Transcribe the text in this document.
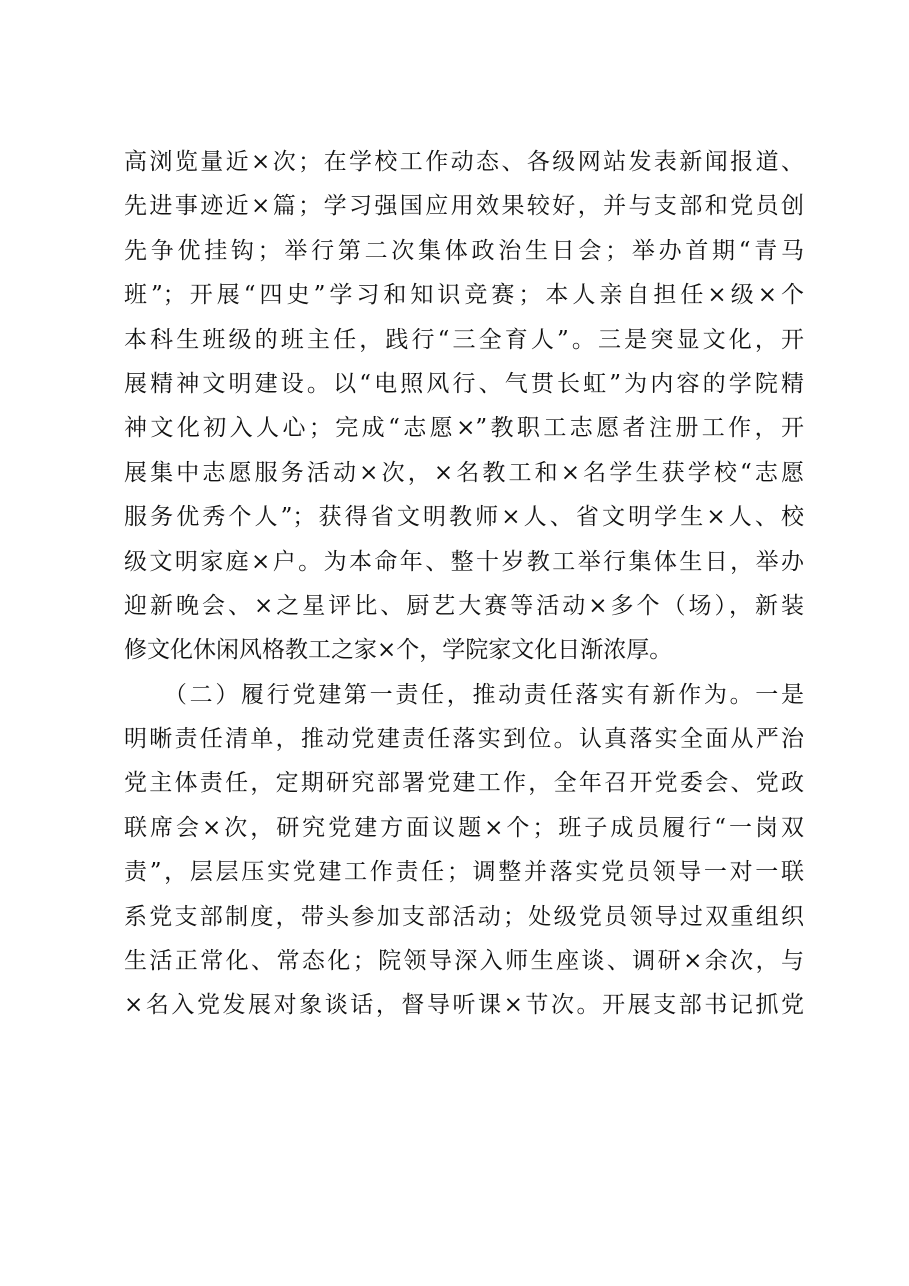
高浏览量近×次；在学校工作动态、各级网站发表新闻报道、
先进事迹近×篇；学习强国应用效果较好，并与支部和党员创
先争优挂钩；举行第二次集体政治生日会；举办首期“青马
班”；开展“四史”学习和知识竞赛；本人亲自担任×级×个
本科生班级的班主任，践行“三全育人”。三是突显文化，开
展精神文明建设。以“电照风行、气贯长虹”为内容的学院精
神文化初入人心；完成“志愿×”教职工志愿者注册工作，开
展集中志愿服务活动×次，×名教工和×名学生获学校“志愿
服务优秀个人”；获得省文明教师×人、省文明学生×人、校
级文明家庭×户。为本命年、整十岁教工举行集体生日，举办
迎新晚会、×之星评比、厨艺大赛等活动×多个（场），新装
修文化休闲风格教工之家×个，学院家文化日渐浓厚。
　　（二）履行党建第一责任，推动责任落实有新作为。一是
明晰责任清单，推动党建责任落实到位。认真落实全面从严治
党主体责任，定期研究部署党建工作，全年召开党委会、党政
联席会×次，研究党建方面议题×个；班子成员履行“一岗双
责”，层层压实党建工作责任；调整并落实党员领导一对一联
系党支部制度，带头参加支部活动；处级党员领导过双重组织
生活正常化、常态化；院领导深入师生座谈、调研×余次，与
×名入党发展对象谈话，督导听课×节次。开展支部书记抓党
